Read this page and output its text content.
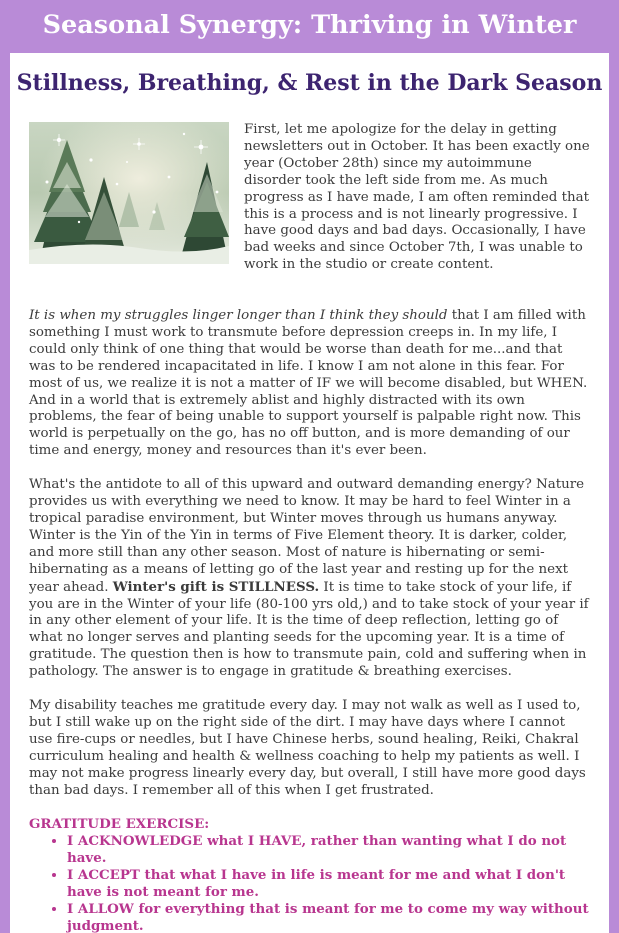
Seasonal Synergy: Thriving in Winter
Stillness, Breathing, & Rest in the Dark Season

First, let me apologize for the delay in getting newsletters out in October. It has been exactly one year (October 28th) since my autoimmune disorder took the left side from me. As much progress as I have made, I am often reminded that this is a process and is not linearly progressive. I have good days and bad days. Occasionally, I have bad weeks and since October 7th, I was unable to work in the studio or create content.

It is when my struggles linger longer than I think they should that I am filled with something I must work to transmute before depression creeps in. In my life, I could only think of one thing that would be worse than death for me...and that was to be rendered incapacitated in life. I know I am not alone in this fear. For most of us, we realize it is not a matter of IF we will become disabled, but WHEN. And in a world that is extremely ablist and highly distracted with its own problems, the fear of being unable to support yourself is palpable right now. This world is perpetually on the go, has no off button, and is more demanding of our time and energy, money and resources than it's ever been.

What's the antidote to all of this upward and outward demanding energy? Nature provides us with everything we need to know. It may be hard to feel Winter in a tropical paradise environment, but Winter moves through us humans anyway. Winter is the Yin of the Yin in terms of Five Element theory. It is darker, colder, and more still than any other season. Most of nature is hibernating or semi-hibernating as a means of letting go of the last year and resting up for the next year ahead. Winter's gift is STILLNESS. It is time to take stock of your life, if you are in the Winter of your life (80-100 yrs old,) and to take stock of your year if in any other element of your life. It is the time of deep reflection, letting go of what no longer serves and planting seeds for the upcoming year. It is a time of gratitude. The question then is how to transmute pain, cold and suffering when in pathology. The answer is to engage in gratitude & breathing exercises.

My disability teaches me gratitude every day. I may not walk as well as I used to, but I still wake up on the right side of the dirt. I may have days where I cannot use fire-cups or needles, but I have Chinese herbs, sound healing, Reiki, Chakral curriculum healing and health & wellness coaching to help my patients as well. I may not make progress linearly every day, but overall, I still have more good days than bad days. I remember all of this when I get frustrated.

GRATITUDE EXERCISE:
• I ACKNOWLEDGE what I HAVE, rather than wanting what I do not have.
• I ACCEPT that what I have in life is meant for me and what I don't have is not meant for me.
• I ALLOW for everything that is meant for me to come my way without judgment.
